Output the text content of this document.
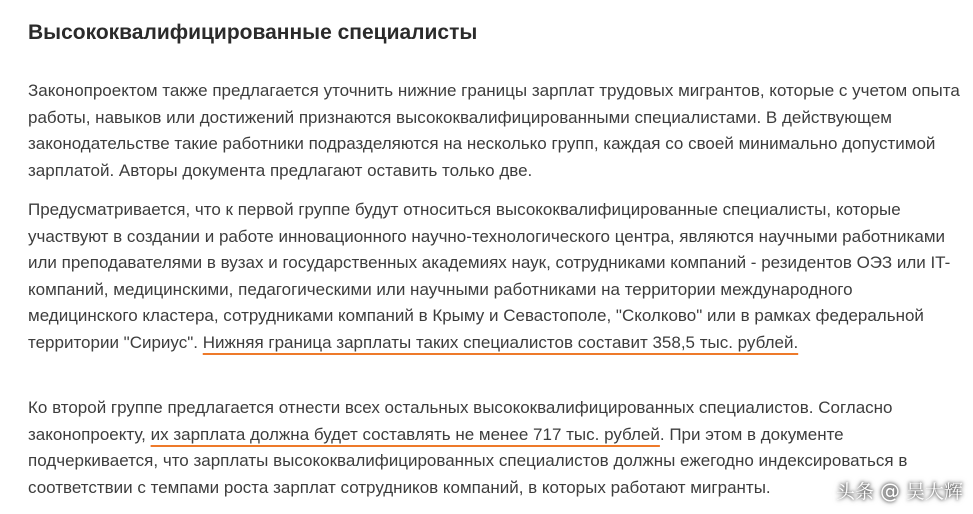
Высококвалифицированные специалисты

Законопроектом также предлагается уточнить нижние границы зарплат трудовых мигрантов, которые с учетом опыта работы, навыков или достижений признаются высококвалифицированными специалистами. В действующем законодательстве такие работники подразделяются на несколько групп, каждая со своей минимально допустимой зарплатой. Авторы документа предлагают оставить только две.

Предусматривается, что к первой группе будут относиться высококвалифицированные специалисты, которые участвуют в создании и работе инновационного научно-технологического центра, являются научными работниками или преподавателями в вузах и государственных академиях наук, сотрудниками компаний - резидентов ОЭЗ или IT-компаний, медицинскими, педагогическими или научными работниками на территории международного медицинского кластера, сотрудниками компаний в Крыму и Севастополе, "Сколково" или в рамках федеральной территории "Сириус". Нижняя граница зарплаты таких специалистов составит 358,5 тыс. рублей.

Ко второй группе предлагается отнести всех остальных высококвалифицированных специалистов. Согласно законопроекту, их зарплата должна будет составлять не менее 717 тыс. рублей. При этом в документе подчеркивается, что зарплаты высококвалифицированных специалистов должны ежегодно индексироваться в соответствии с темпами роста зарплат сотрудников компаний, в которых работают мигранты.	头条 @ 吴大辉
